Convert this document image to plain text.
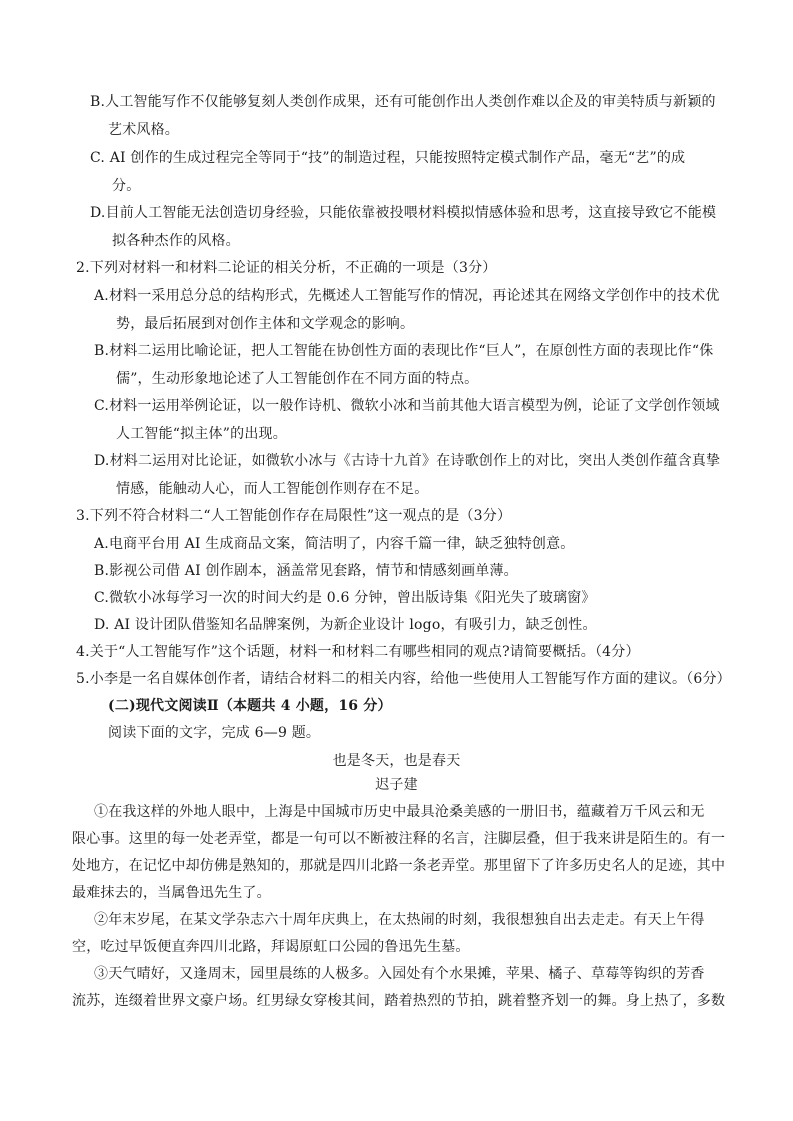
B.人工智能写作不仅能够复刻人类创作成果，还有可能创作出人类创作难以企及的审美特质与新颖的
艺术风格。
C. AI 创作的生成过程完全等同于“技”的制造过程，只能按照特定模式制作产品，毫无“艺”的成
分。
D.目前人工智能无法创造切身经验，只能依靠被投喂材料模拟情感体验和思考，这直接导致它不能模
拟各种杰作的风格。
2.下列对材料一和材料二论证的相关分析，不正确的一项是（3分）
A.材料一采用总分总的结构形式，先概述人工智能写作的情况，再论述其在网络文学创作中的技术优
势，最后拓展到对创作主体和文学观念的影响。
B.材料二运用比喻论证，把人工智能在协创性方面的表现比作“巨人”，在原创性方面的表现比作“侏
儒”，生动形象地论述了人工智能创作在不同方面的特点。
C.材料一运用举例论证，以一般作诗机、微软小冰和当前其他大语言模型为例，论证了文学创作领域
人工智能“拟主体”的出现。
D.材料二运用对比论证，如微软小冰与《古诗十九首》在诗歌创作上的对比，突出人类创作蕴含真挚
情感，能触动人心，而人工智能创作则存在不足。
3.下列不符合材料二“人工智能创作存在局限性”这一观点的是（3分）
A.电商平台用 AI 生成商品文案，简洁明了，内容千篇一律，缺乏独特创意。
B.影视公司借 AI 创作剧本，涵盖常见套路，情节和情感刻画单薄。
C.微软小冰每学习一次的时间大约是 0.6 分钟，曾出版诗集《阳光失了玻璃窗》
D. AI 设计团队借鉴知名品牌案例，为新企业设计 logo，有吸引力，缺乏创性。
4.关于“人工智能写作”这个话题，材料一和材料二有哪些相同的观点?请简要概括。（4分）
5.小李是一名自媒体创作者，请结合材料二的相关内容，给他一些使用人工智能写作方面的建议。（6分）
(二)现代文阅读Ⅱ（本题共 4 小题，16 分）
阅读下面的文字，完成 6—9 题。
也是冬天，也是春天
迟子建
①在我这样的外地人眼中，上海是中国城市历史中最具沧桑美感的一册旧书，蕴藏着万千风云和无
限心事。这里的每一处老弄堂，都是一句可以不断被注释的名言，注脚层叠，但于我来讲是陌生的。有一
处地方，在记忆中却仿佛是熟知的，那就是四川北路一条老弄堂。那里留下了许多历史名人的足迹，其中
最难抹去的，当属鲁迅先生了。
②年末岁尾，在某文学杂志六十周年庆典上，在太热闹的时刻，我很想独自出去走走。有天上午得
空，吃过早饭便直奔四川北路，拜谒原虹口公园的鲁迅先生墓。
③天气晴好，又逢周末，园里晨练的人极多。入园处有个水果摊，苹果、橘子、草莓等钩织的芳香
流苏，连缀着世界文豪户场。红男绿女穿梭其间，踏着热烈的节拍，跳着整齐划一的舞。身上热了，多数
